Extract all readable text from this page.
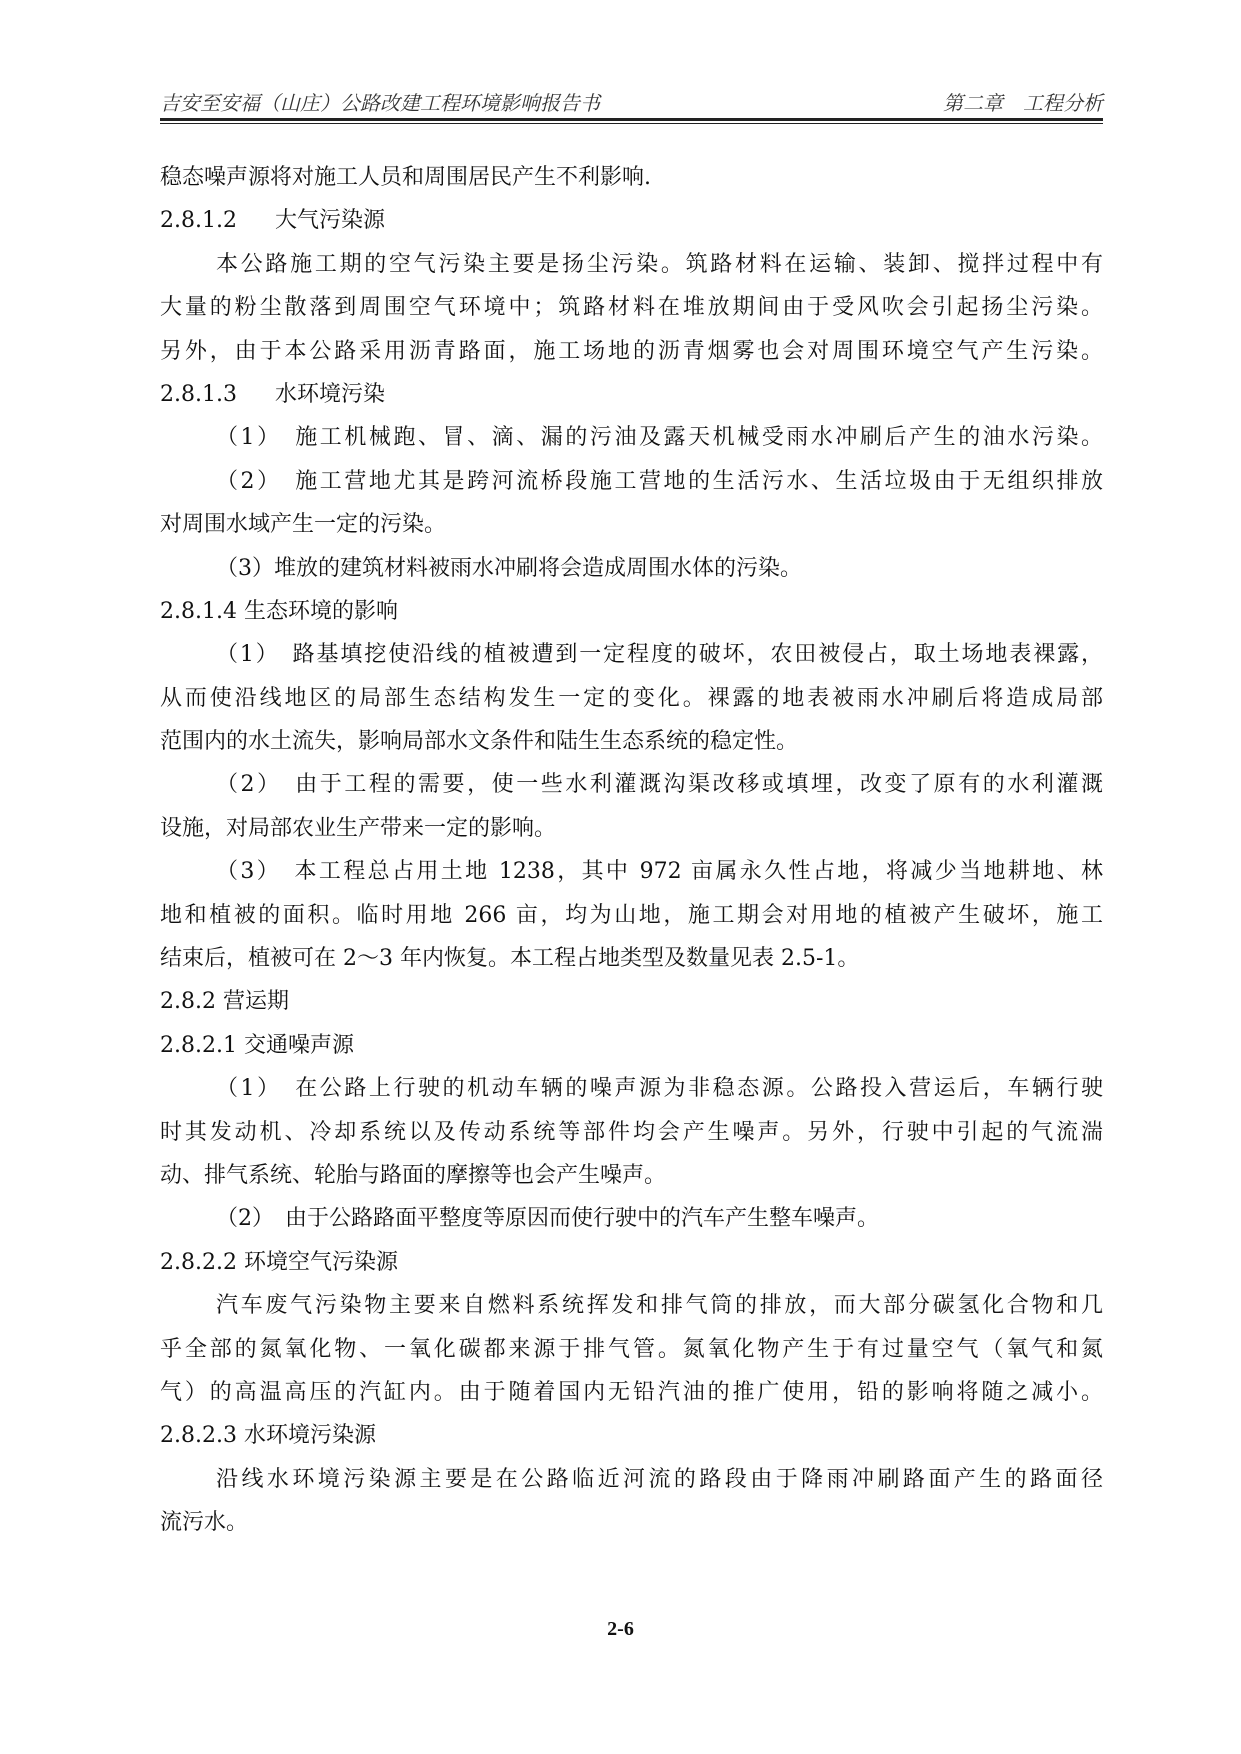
吉安至安福（山庄）公路改建工程环境影响报告书	第二章　工程分析
稳态噪声源将对施工人员和周围居民产生不利影响.
2.8.1.2 大气污染源
本公路施工期的空气污染主要是扬尘污染。筑路材料在运输、装卸、搅拌过程中有
大量的粉尘散落到周围空气环境中；筑路材料在堆放期间由于受风吹会引起扬尘污染。
另外，由于本公路采用沥青路面，施工场地的沥青烟雾也会对周围环境空气产生污染。
2.8.1.3 水环境污染
（1）　施工机械跑、冒、滴、漏的污油及露天机械受雨水冲刷后产生的油水污染。
（2）　施工营地尤其是跨河流桥段施工营地的生活污水、生活垃圾由于无组织排放
对周围水域产生一定的污染。
（3）堆放的建筑材料被雨水冲刷将会造成周围水体的污染。
2.8.1.4 生态环境的影响
（1）　路基填挖使沿线的植被遭到一定程度的破坏，农田被侵占，取土场地表裸露，
从而使沿线地区的局部生态结构发生一定的变化。裸露的地表被雨水冲刷后将造成局部
范围内的水土流失，影响局部水文条件和陆生生态系统的稳定性。
（2）　由于工程的需要，使一些水利灌溉沟渠改移或填埋，改变了原有的水利灌溉
设施，对局部农业生产带来一定的影响。
（3）　本工程总占用土地 1238，其中 972 亩属永久性占地，将减少当地耕地、林
地和植被的面积。临时用地 266 亩，均为山地，施工期会对用地的植被产生破坏，施工
结束后，植被可在 2～3 年内恢复。本工程占地类型及数量见表 2.5-1。
2.8.2 营运期
2.8.2.1 交通噪声源
（1）　在公路上行驶的机动车辆的噪声源为非稳态源。公路投入营运后，车辆行驶
时其发动机、冷却系统以及传动系统等部件均会产生噪声。另外，行驶中引起的气流湍
动、排气系统、轮胎与路面的摩擦等也会产生噪声。
（2）　由于公路路面平整度等原因而使行驶中的汽车产生整车噪声。
2.8.2.2 环境空气污染源
汽车废气污染物主要来自燃料系统挥发和排气筒的排放，而大部分碳氢化合物和几
乎全部的氮氧化物、一氧化碳都来源于排气管。氮氧化物产生于有过量空气（氧气和氮
气）的高温高压的汽缸内。由于随着国内无铅汽油的推广使用，铅的影响将随之减小。
2.8.2.3 水环境污染源
沿线水环境污染源主要是在公路临近河流的路段由于降雨冲刷路面产生的路面径
流污水。
2-6
